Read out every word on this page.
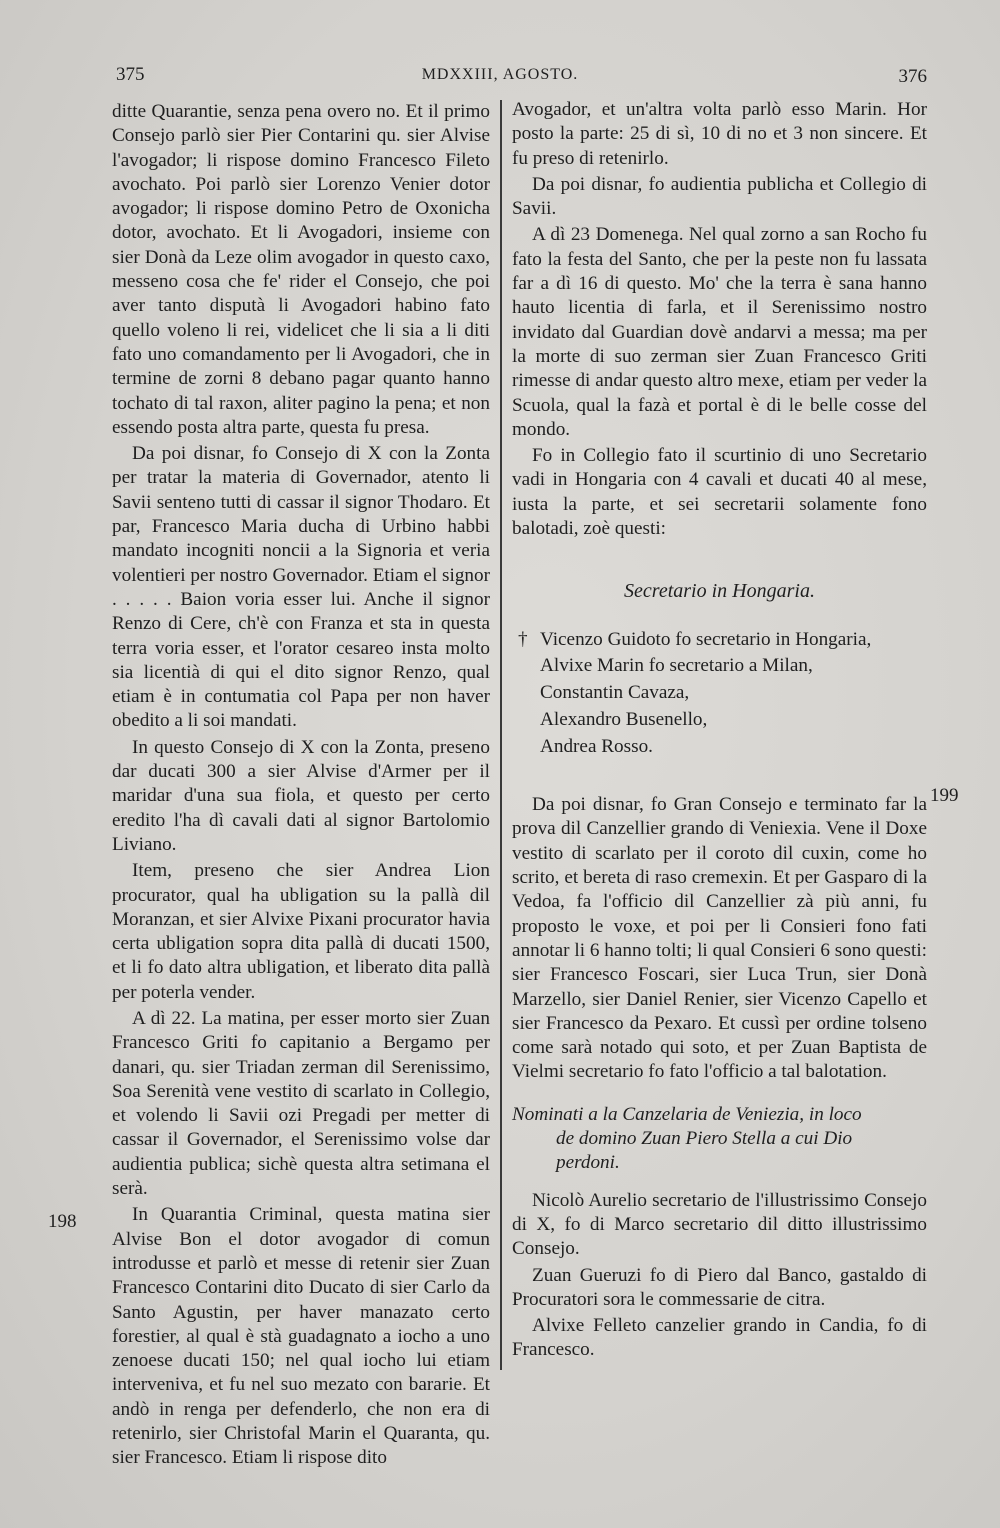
375	MDXXIII, AGOSTO.	376

ditte Quarantie, senza pena overo no. Et il primo Consejo parlò sier Pier Contarini qu. sier Alvise l'avogador; li rispose domino Francesco Fileto avochato. Poi parlò sier Lorenzo Venier dotor avogador; li rispose domino Petro de Oxonicha dotor, avochato. Et li Avogadori, insieme con sier Donà da Leze olim avogador in questo caxo, messeno cosa che fe' rider el Consejo, che poi aver tanto disputà li Avogadori habino fato quello voleno li rei, videlicet che li sia a li diti fato uno comandamento per li Avogadori, che in termine de zorni 8 debano pagar quanto hanno tochato di tal raxon, aliter pagino la pena; et non essendo posta altra parte, questa fu presa.

Da poi disnar, fo Consejo di X con la Zonta per tratar la materia di Governador, atento li Savii senteno tutti di cassar il signor Thodaro. Et par, Francesco Maria ducha di Urbino habbi mandato incogniti noncii a la Signoria et veria volentieri per nostro Governador. Etiam el signor . . . . . Baion voria esser lui. Anche il signor Renzo di Cere, ch'è con Franza et sta in questa terra voria esser, et l'orator cesareo insta molto sia licentià di qui el dito signor Renzo, qual etiam è in contumatia col Papa per non haver obedito a li soi mandati.

In questo Consejo di X con la Zonta, preseno dar ducati 300 a sier Alvise d'Armer per il maridar d'una sua fiola, et questo per certo eredito l'ha dì cavali dati al signor Bartolomio Liviano.

Item, preseno che sier Andrea Lion procurator, qual ha ubligation su la pallà dil Moranzan, et sier Alvixe Pixani procurator havia certa ubligation sopra dita pallà di ducati 1500, et li fo dato altra ubligation, et liberato dita pallà per poterla vender.

A dì 22. La matina, per esser morto sier Zuan Francesco Griti fo capitanio a Bergamo per danari, qu. sier Triadan zerman dil Serenissimo, Soa Serenità vene vestito di scarlato in Collegio, et volendo li Savii ozi Pregadi per metter di cassar il Governador, el Serenissimo volse dar audientia publica; sichè questa altra setimana el serà.

In Quarantia Criminal, questa matina sier Alvise Bon el dotor avogador di comun introdusse et parlò et messe di retenir sier Zuan Francesco Contarini dito Ducato di sier Carlo da Santo Agustin, per haver manazato certo forestier, al qual è stà guadagnato a iocho a uno zenoese ducati 150; nel qual iocho lui etiam interveniva, et fu nel suo mezato con bararie. Et andò in renga per defenderlo, che non era di retenirlo, sier Christofal Marin el Quaranta, qu. sier Francesco. Etiam li rispose dito

Avogador, et un'altra volta parlò esso Marin. Hor posto la parte: 25 di sì, 10 di no et 3 non sincere. Et fu preso di retenirlo.

Da poi disnar, fo audientia publicha et Collegio di Savii.

A dì 23 Domenega. Nel qual zorno a san Rocho fu fato la festa del Santo, che per la peste non fu lassata far a dì 16 di questo. Mo' che la terra è sana hanno hauto licentia di farla, et il Serenissimo nostro invidato dal Guardian dovè andarvi a messa; ma per la morte di suo zerman sier Zuan Francesco Griti rimesse di andar questo altro mexe, etiam per veder la Scuola, qual la fazà et portal è di le belle cosse del mondo.

Fo in Collegio fato il scurtinio di uno Secretario vadi in Hongaria con 4 cavali et ducati 40 al mese, iusta la parte, et sei secretarii solamente fono balotadi, zoè questi:

Secretario in Hongaria.
† Vicenzo Guidoto fo secretario in Hongaria,
Alvixe Marin fo secretario a Milan,
Constantin Cavaza,
Alexandro Busenello,
Andrea Rosso.

Da poi disnar, fo Gran Consejo e terminato far la prova dil Canzellier grando di Veniexia. Vene il Doxe vestito di scarlato per il coroto dil cuxin, come ho scrito, et bereta di raso cremexin. Et per Gasparo di la Vedoa, fa l'officio dil Canzellier zà più anni, fu proposto le voxe, et poi per li Consieri fono fati annotar li 6 hanno tolti; li qual Consieri 6 sono questi: sier Francesco Foscari, sier Luca Trun, sier Donà Marzello, sier Daniel Renier, sier Vicenzo Capello et sier Francesco da Pexaro. Et cussì per ordine tolseno come sarà notado qui soto, et per Zuan Baptista de Vielmi secretario fo fato l'officio a tal balotation.

Nominati a la Canzelaria de Veniezia, in loco
de domino Zuan Piero Stella a cui Dio
perdoni.

Nicolò Aurelio secretario de l'illustrissimo Consejo di X, fo di Marco secretario dil ditto illustrissimo Consejo.

Zuan Gueruzi fo di Piero dal Banco, gastaldo di Procuratori sora le commessarie de citra.

Alvixe Felleto canzelier grando in Candia, fo di Francesco.

198
199
